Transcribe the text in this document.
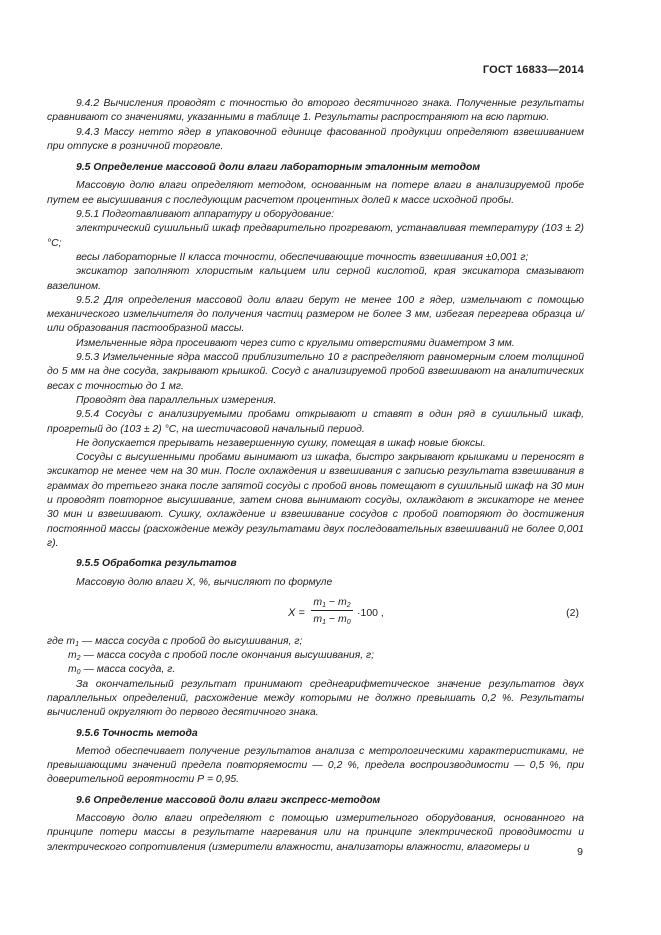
ГОСТ 16833—2014

9.4.2 Вычисления проводят с точностью до второго десятичного знака. Полученные результаты сравнивают со значениями, указанными в таблице 1. Результаты распространяют на всю партию.

9.4.3 Массу нетто ядер в упаковочной единице фасованной продукции определяют взвешиванием при отпуске в розничной торговле.

9.5 Определение массовой доли влаги лабораторным эталонным методом

Массовую долю влаги определяют методом, основанным на потере влаги в анализируемой пробе путем ее высушивания с последующим расчетом процентных долей к массе исходной пробы.

9.5.1 Подготавливают аппаратуру и оборудование:

электрический сушильный шкаф предварительно прогревают, устанавливая температуру (103 ± 2) °С;

весы лабораторные II класса точности, обеспечивающие точность взвешивания ±0,001 г;

эксикатор заполняют хлористым кальцием или серной кислотой, края эксикатора смазывают вазелином.

9.5.2 Для определения массовой доли влаги берут не менее 100 г ядер, измельчают с помощью механического измельчителя до получения частиц размером не более 3 мм, избегая перегрева образца и/или образования пастообразной массы.

Измельченные ядра просеивают через сито с круглыми отверстиями диаметром 3 мм.

9.5.3 Измельченные ядра массой приблизительно 10 г распределяют равномерным слоем толщиной до 5 мм на дне сосуда, закрывают крышкой. Сосуд с анализируемой пробой взвешивают на аналитических весах с точностью до 1 мг.

Проводят два параллельных измерения.

9.5.4 Сосуды с анализируемыми пробами открывают и ставят в один ряд в сушильный шкаф, прогретый до (103 ± 2) °С, на шестичасовой начальный период.

Не допускается прерывать незавершенную сушку, помещая в шкаф новые бюксы.

Сосуды с высушенными пробами вынимают из шкафа, быстро закрывают крышками и переносят в эксикатор не менее чем на 30 мин. После охлаждения и взвешивания с записью результата взвешивания в граммах до третьего знака после запятой сосуды с пробой вновь помещают в сушильный шкаф на 30 мин и проводят повторное высушивание, затем снова вынимают сосуды, охлаждают в эксикаторе не менее 30 мин и взвешивают. Сушку, охлаждение и взвешивание сосудов с пробой повторяют до достижения постоянной массы (расхождение между результатами двух последовательных взвешиваний не более 0,001 г).

9.5.5 Обработка результатов

Массовую долю влаги Х, %, вычисляют по формуле

X =
$m_1 - m_2$
$m_1 - m_0$
·100 ,	(2)

где $m_1$ — масса сосуда с пробой до высушивания, г;

$m_2$ — масса сосуда с пробой после окончания высушивания, г;

$m_0$ — масса сосуда, г.

За окончательный результат принимают среднеарифметическое значение результатов двух параллельных определений, расхождение между которыми не должно превышать 0,2 %. Результаты вычислений округляют до первого десятичного знака.

9.5.6 Точность метода

Метод обеспечивает получение результатов анализа с метрологическими характеристиками, не превышающими значений предела повторяемости — 0,2 %, предела воспроизводимости — 0,5 %, при доверительной вероятности Р = 0,95.

9.6 Определение массовой доли влаги экспресс-методом

Массовую долю влаги определяют с помощью измерительного оборудования, основанного на принципе потери массы в результате нагревания или на принципе электрической проводимости и электрического сопротивления (измерители влажности, анализаторы влажности, влагомеры и	9
